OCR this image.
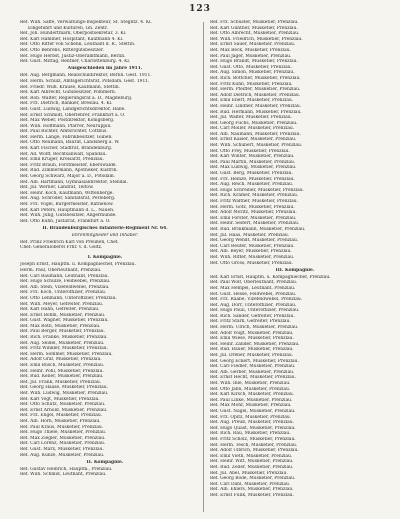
123
Ref. Wilh. Saffe, Verwaltungs-Inspekteur, St. Steglitz. 4. Kl.
Eingeführt und Kulturen, Gh. Zentr.
Ref. Joh. Hundertmark, Oberpostsekretär, 3. Kl.
Ref. Karl Hammer, Hospitant, Kaufmann 4. Kl.
Ref. Otto Ritter von Schenk, Leutnant d. R., Stettin.
Ref. Otto Behrens, Rittergutsbesitzer.
Ref. Hugo Herbst, Justiz-Oberamtmann, Berlin.
Ref. Gust. Mittag, Rentner, Charlottenburg. 4. Kl.
Ausgeschieden im Jahre 1911.
Ref. Aug. Bergmann, Realschuldirektor, Berlin. Gest. 1911.
Ref. Herm. Schulz, Amtsgerichtsrat, Potsdam. Gest. 1911.
Ref. Friedr. Wilh. Krause, Kaufmann, Stettin.
Ref. Karl Albrecht, Gutsbesitzer, Pommern.
Ref. Rob. Walter, Regierungsrat a. D., Magdeburg.
Ref. Frz. Dietrich, Bankier, Breslau. 4. Kl.
Ref. Gust. Ludwig, Landgerichtsdirektor, Halle.
Ref. Ernst Schmidt, Oberlehrer, Frankfurt a. O.
Ref. Max Weber, Postdirektor, Königsberg.
Ref. Wilh. Hoffmann, Pfarrer, Neuruppin.
Ref. Paul Richter, Amtsrichter, Cottbus.
Ref. Herm. Lange, Fabrikbesitzer, Guben.
Ref. Otto Neumann, Baurat, Landsberg a. W.
Ref. Karl Fischer, Stadtrat, Brandenburg.
Ref. Ad. Wolff, Rechtsanwalt, Spandau.
Ref. Emil Krüger, Kreisarzt, Prenzlau.
Ref. Fritz Braun, Forstmeister, Eberswalde.
Ref. Rud. Zimmermann, Apotheker, Küstrin.
Ref. Georg Schwarz, Major a. D., Potsdam.
Ref. Alb. Hartmann, Gymnasialdirektor, Stendal.
Ref. Jul. Werner, Landrat, Teltow.
Ref. Heinr. Koch, Kaufmann, Wittenberge.
Ref. Aug. Schröder, Sanitätsrat, Perleberg.
Ref. Frz. Vogel, Bürgermeister, Rathenow.
Ref. Karl Peters, Hauptmann d. L., Nauen.
Ref. Wilh. Jung, Gutsbesitzer, Angermünde.
Ref. Otto Kühn, Justizrat, Frankfurt a. O.
II. Brandenburgisches Infanterie-Regiment Nr. 64.
Ehrenmitglieder und Inhaber.
Ref. Prinz Friedrich Karl von Preußen, Chef.
Chef: Generaloberst Frhr. v. d. Goltz.
I. Kompagnie.
Joseph Ernst, Hauptm. u. Kompagniechef, Prenzlau.
Herm. Paul, Oberleutnant, Prenzlau.
Ref. Carl Baumann, Leutnant, Prenzlau.
Ref. Hugo Schulze, Feldwebel, Prenzlau.
Ref. Alb. Stein, Vizefeldwebel, Prenzlau.
Ref. Frz. Koch, Unteroffizier, Prenzlau.
Ref. Otto Lehmann, Unteroffizier, Prenzlau.
Ref. Wilh. Meyer, Gefreiter, Prenzlau.
Ref. Karl Hahn, Gefreiter, Prenzlau.
Ref. Ernst Böhm, Musketier, Prenzlau.
Ref. Gust. Wagner, Musketier, Prenzlau.
Ref. Max Roth, Musketier, Prenzlau.
Ref. Paul Berger, Musketier, Prenzlau.
Ref. Rich. Franke, Musketier, Prenzlau.
Ref. Aug. Seidel, Musketier, Prenzlau.
Ref. Fritz Winkler, Musketier, Prenzlau.
Ref. Herm. Sommer, Musketier, Prenzlau.
Ref. Adolf Graf, Musketier, Prenzlau.
Ref. Emil Busch, Musketier, Prenzlau.
Ref. Heinr. Pohl, Musketier, Prenzlau.
Ref. Rud. Keller, Musketier, Prenzlau.
Ref. Jul. Frank, Musketier, Prenzlau.
Ref. Georg Haase, Musketier, Prenzlau.
Ref. Wilh. Ludwig, Musketier, Prenzlau.
Ref. Karl Vogt, Musketier, Prenzlau.
Ref. Otto Schütz, Musketier, Prenzlau.
Ref. Ernst Arnold, Musketier, Prenzlau.
Ref. Frz. Engel, Musketier, Prenzlau.
Ref. Alb. Horn, Musketier, Prenzlau.
Ref. Paul Kraus, Musketier, Prenzlau.
Ref. Hugo Thiele, Musketier, Prenzlau.
Ref. Max Ziegler, Musketier, Prenzlau.
Ref. Carl Lorenz, Musketier, Prenzlau.
Ref. Gust. Marx, Musketier, Prenzlau.
Ref. Aug. Kunze, Musketier, Prenzlau.
II. Kompagnie.
Ref. Gustav Heinrich, Hauptm., Prenzlau.
Ref. Wilh. Schmid, Leutnant, Prenzlau.
Ref. Frz. Schuster, Musketier, Prenzlau.
Ref. Karl Günther, Musketier, Prenzlau.
Ref. Otto Albrecht, Musketier, Prenzlau.
Ref. Wilh. Friedrich, Musketier, Prenzlau.
Ref. Ernst Sauer, Musketier, Prenzlau.
Ref. Max Beck, Musketier, Prenzlau.
Ref. Paul Jäger, Musketier, Prenzlau.
Ref. Hugo Brandt, Musketier, Prenzlau.
Ref. Gust. Otto, Musketier, Prenzlau.
Ref. Aug. Simon, Musketier, Prenzlau.
Ref. Rich. Böttcher, Musketier, Prenzlau.
Ref. Fritz Kuhn, Musketier, Prenzlau.
Ref. Herm. Pfeiffer, Musketier, Prenzlau.
Ref. Adolf Dietrich, Musketier, Prenzlau.
Ref. Emil Ebert, Musketier, Prenzlau.
Ref. Heinr. Lindner, Musketier, Prenzlau.
Ref. Rud. Hermann, Musketier, Prenzlau.
Ref. Jul. Walter, Musketier, Prenzlau.
Ref. Georg Fuchs, Musketier, Prenzlau.
Ref. Carl Möller, Musketier, Prenzlau.
Ref. Alb. Naumann, Musketier, Prenzlau.
Ref. Ernst Kaiser, Musketier, Prenzlau.
Ref. Wilh. Schubert, Musketier, Prenzlau.
Ref. Otto Frey, Musketier, Prenzlau.
Ref. Karl Winter, Musketier, Prenzlau.
Ref. Paul Martin, Musketier, Prenzlau.
Ref. Max Ludwig, Musketier, Prenzlau.
Ref. Gust. Berg, Musketier, Prenzlau.
Ref. Frz. Heinze, Musketier, Prenzlau.
Ref. Aug. Reich, Musketier, Prenzlau.
Ref. Hugo Schreiber, Musketier, Prenzlau.
Ref. Rich. Kramer, Musketier, Prenzlau.
Ref. Fritz Walther, Musketier, Prenzlau.
Ref. Herm. Götz, Musketier, Prenzlau.
Ref. Adolf Moritz, Musketier, Prenzlau.
Ref. Emil Förster, Musketier, Prenzlau.
Ref. Heinr. Seifert, Musketier, Prenzlau.
Ref. Rud. Brinkmann, Musketier, Prenzlau.
Ref. Jul. Haas, Musketier, Prenzlau.
Ref. Georg Wendt, Musketier, Prenzlau.
Ref. Carl Reuter, Musketier, Prenzlau.
Ref. Alb. Beyer, Musketier, Prenzlau.
Ref. Wilh. Ritter, Musketier, Prenzlau.
Ref. Otto Gross, Musketier, Prenzlau.
III. Kompagnie.
Ref. Karl Ernst, Hauptm. u. Kompagniechef, Prenzlau.
Ref. Paul Wolf, Oberleutnant, Prenzlau.
Ref. Max Hempel, Leutnant, Prenzlau.
Ref. Gust. Hesse, Feldwebel, Prenzlau.
Ref. Frz. Raabe, Vizefeldwebel, Prenzlau.
Ref. Aug. Dörr, Unteroffizier, Prenzlau.
Ref. Hugo Pauli, Unteroffizier, Prenzlau.
Ref. Rich. Sander, Gefreiter, Prenzlau.
Ref. Fritz Stark, Gefreiter, Prenzlau.
Ref. Herm. Ulrich, Musketier, Prenzlau.
Ref. Adolf Voigt, Musketier, Prenzlau.
Ref. Emil Wiese, Musketier, Prenzlau.
Ref. Heinr. Zander, Musketier, Prenzlau.
Ref. Rud. Bauer, Musketier, Prenzlau.
Ref. Jul. Dreher, Musketier, Prenzlau.
Ref. Georg Eckert, Musketier, Prenzlau.
Ref. Carl Fiedler, Musketier, Prenzlau.
Ref. Alb. Gerber, Musketier, Prenzlau.
Ref. Ernst Hecht, Musketier, Prenzlau.
Ref. Wilh. Ihle, Musketier, Prenzlau.
Ref. Otto Jahn, Musketier, Prenzlau.
Ref. Karl Kirsch, Musketier, Prenzlau.
Ref. Paul Linke, Musketier, Prenzlau.
Ref. Max Mohr, Musketier, Prenzlau.
Ref. Gust. Nagel, Musketier, Prenzlau.
Ref. Frz. Opitz, Musketier, Prenzlau.
Ref. Aug. Preuß, Musketier, Prenzlau.
Ref. Hugo Quast, Musketier, Prenzlau.
Ref. Rich. Rau, Musketier, Prenzlau.
Ref. Fritz Scholz, Musketier, Prenzlau.
Ref. Herm. Tesch, Musketier, Prenzlau.
Ref. Adolf Ulbrich, Musketier, Prenzlau.
Ref. Emil Vieth, Musketier, Prenzlau.
Ref. Heinr. Witt, Musketier, Prenzlau.
Ref. Rud. Zeller, Musketier, Prenzlau.
Ref. Jul. Abel, Musketier, Prenzlau.
Ref. Georg Bode, Musketier, Prenzlau.
Ref. Carl Dahl, Musketier, Prenzlau.
Ref. Alb. Ehlers, Musketier, Prenzlau.
Ref. Ernst Funk, Musketier, Prenzlau.
